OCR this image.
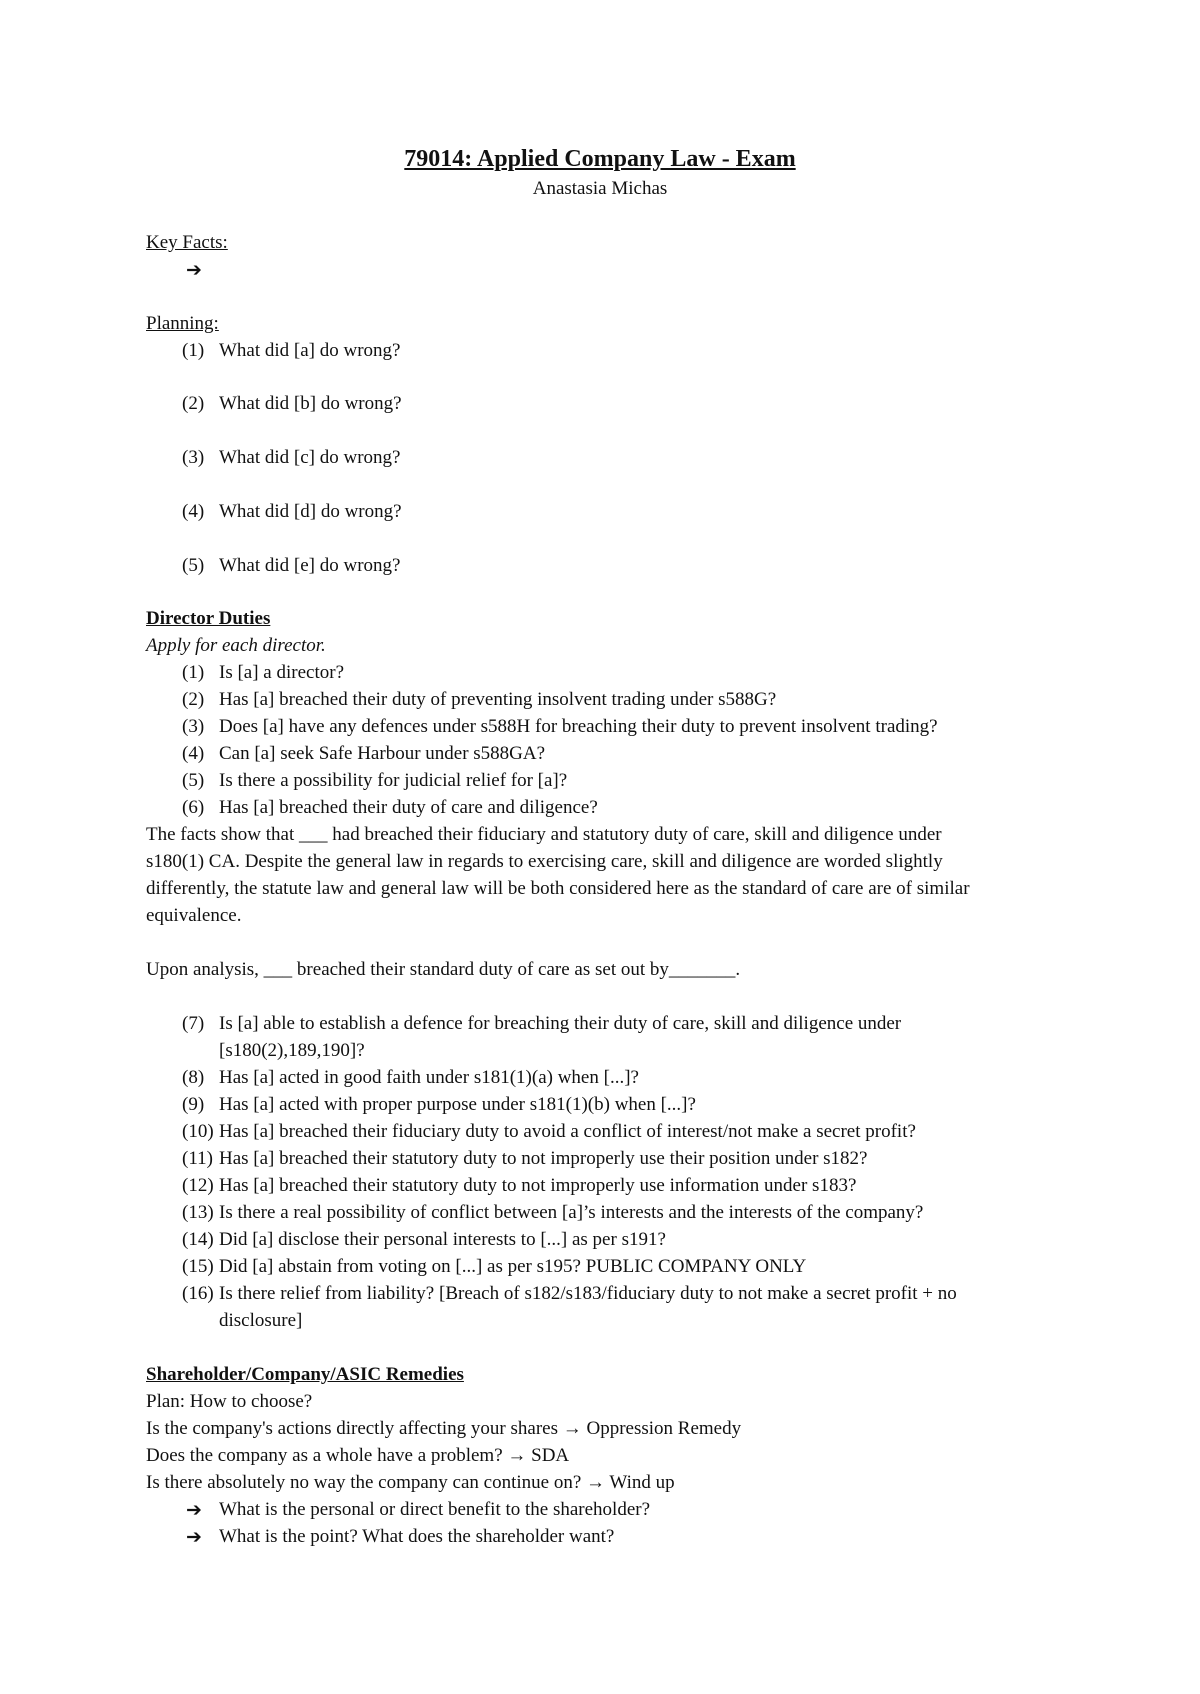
79014: Applied Company Law - Exam
Anastasia Michas
Key Facts:
➔
Planning:
(1) What did [a] do wrong?
(2) What did [b] do wrong?
(3) What did [c] do wrong?
(4) What did [d] do wrong?
(5) What did [e] do wrong?
Director Duties
Apply for each director.
(1) Is [a] a director?
(2) Has [a] breached their duty of preventing insolvent trading under s588G?
(3) Does [a] have any defences under s588H for breaching their duty to prevent insolvent trading?
(4) Can [a] seek Safe Harbour under s588GA?
(5) Is there a possibility for judicial relief for [a]?
(6) Has [a] breached their duty of care and diligence?
The facts show that ___ had breached their fiduciary and statutory duty of care, skill and diligence under
s180(1) CA. Despite the general law in regards to exercising care, skill and diligence are worded slightly
differently, the statute law and general law will be both considered here as the standard of care are of similar
equivalence.
Upon analysis, ___ breached their standard duty of care as set out by_______.
(7) Is [a] able to establish a defence for breaching their duty of care, skill and diligence under
[s180(2),189,190]?
(8) Has [a] acted in good faith under s181(1)(a) when [...]?
(9) Has [a] acted with proper purpose under s181(1)(b) when [...]?
(10) Has [a] breached their fiduciary duty to avoid a conflict of interest/not make a secret profit?
(11) Has [a] breached their statutory duty to not improperly use their position under s182?
(12) Has [a] breached their statutory duty to not improperly use information under s183?
(13) Is there a real possibility of conflict between [a]’s interests and the interests of the company?
(14) Did [a] disclose their personal interests to [...] as per s191?
(15) Did [a] abstain from voting on [...] as per s195? PUBLIC COMPANY ONLY
(16) Is there relief from liability? [Breach of s182/s183/fiduciary duty to not make a secret profit + no
disclosure]
Shareholder/Company/ASIC Remedies
Plan: How to choose?
Is the company's actions directly affecting your shares → Oppression Remedy
Does the company as a whole have a problem? → SDA
Is there absolutely no way the company can continue on? → Wind up
➔ What is the personal or direct benefit to the shareholder?
➔ What is the point? What does the shareholder want?
